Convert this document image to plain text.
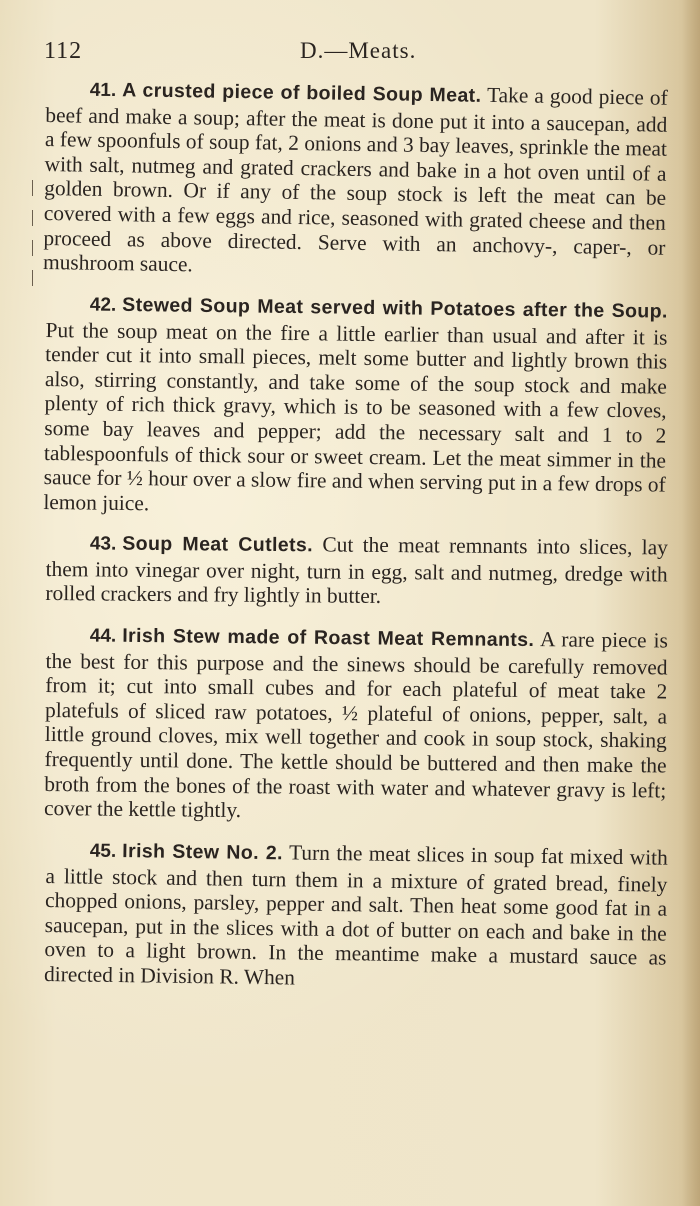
112	D.—Meats.

41. A crusted piece of boiled Soup Meat. Take a good piece of beef and make a soup; after the meat is done put it into a saucepan, add a few spoonfuls of soup fat, 2 onions and 3 bay leaves, sprinkle the meat with salt, nutmeg and grated crackers and bake in a hot oven until of a golden brown. Or if any of the soup stock is left the meat can be covered with a few eggs and rice, seasoned with grated cheese and then proceed as above directed. Serve with an anchovy-, caper-, or mushroom sauce.

42. Stewed Soup Meat served with Potatoes after the Soup. Put the soup meat on the fire a little earlier than usual and after it is tender cut it into small pieces, melt some butter and lightly brown this also, stirring constantly, and take some of the soup stock and make plenty of rich thick gravy, which is to be seasoned with a few cloves, some bay leaves and pepper; add the necessary salt and 1 to 2 tablespoonfuls of thick sour or sweet cream. Let the meat simmer in the sauce for ½ hour over a slow fire and when serving put in a few drops of lemon juice.

43. Soup Meat Cutlets. Cut the meat remnants into slices, lay them into vinegar over night, turn in egg, salt and nutmeg, dredge with rolled crackers and fry lightly in butter.

44. Irish Stew made of Roast Meat Remnants. A rare piece is the best for this purpose and the sinews should be carefully removed from it; cut into small cubes and for each plateful of meat take 2 platefuls of sliced raw potatoes, ½ plateful of onions, pepper, salt, a little ground cloves, mix well together and cook in soup stock, shaking frequently until done. The kettle should be buttered and then make the broth from the bones of the roast with water and whatever gravy is left; cover the kettle tightly.

45. Irish Stew No. 2. Turn the meat slices in soup fat mixed with a little stock and then turn them in a mixture of grated bread, finely chopped onions, parsley, pepper and salt. Then heat some good fat in a saucepan, put in the slices with a dot of butter on each and bake in the oven to a light brown. In the meantime make a mustard sauce as directed in Division R. When
